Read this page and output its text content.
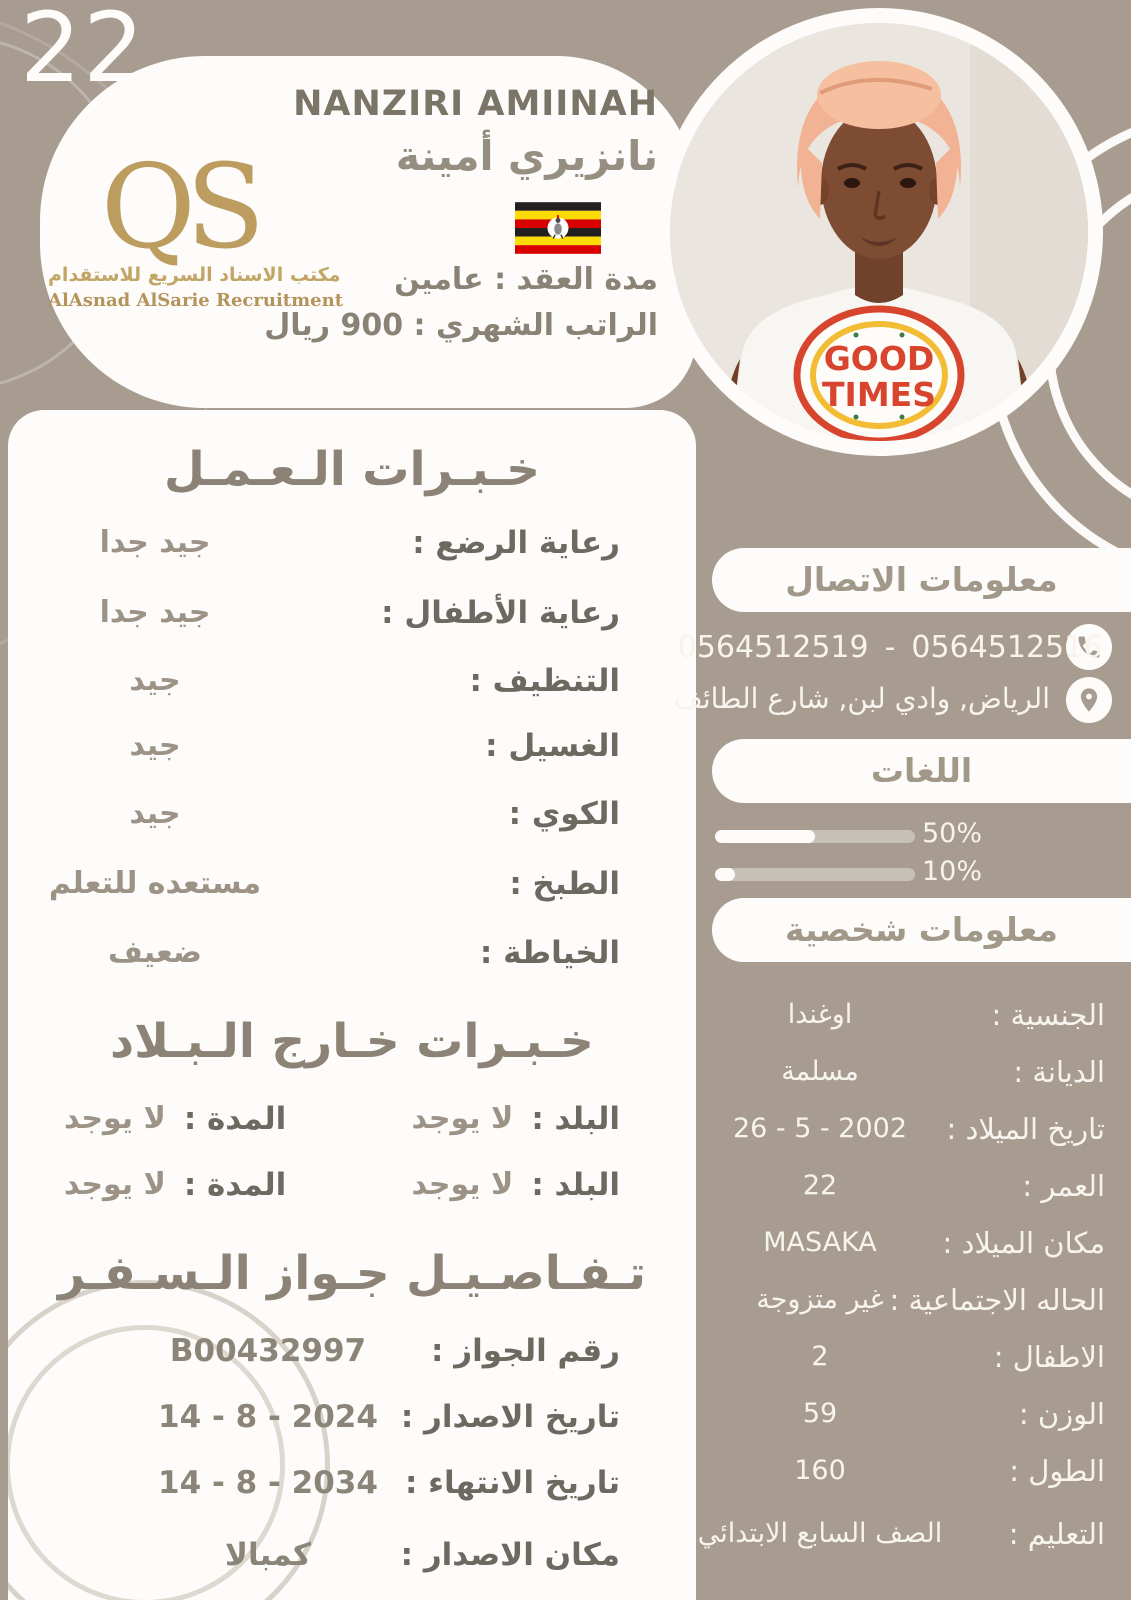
22
QS
مكتب الاسناد السريع للاستقدام
AlAsnad AlSarie Recruitment
NANZIRI AMIINAH
نانزيري أمينة
مدة العقد : عامين
الراتب الشهري : 900 ريال
GOOD
TIMES
خـبـرات الـعـمـل
رعاية الرضع :
جيد جدا
رعاية الأطفال :
جيد جدا
التنظيف :
جيد
الغسيل :
جيد
الكوي :
جيد
الطبخ :
مستعده للتعلم
الخياطة :
ضعيف
خـبـرات خـارج الـبـلاد
البلد :
لا يوجد
المدة :
لا يوجد
البلد :
لا يوجد
المدة :
لا يوجد
تـفـاصـيـل جـواز الـسـفـر
رقم الجواز :
B00432997
تاريخ الاصدار :
14 - 8 - 2024
تاريخ الانتهاء :
14 - 8 - 2034
مكان الاصدار :
كمبالا
معلومات الاتصال
0564512519 - 0564512516
الرياض, وادي لبن, شارع الطائف
اللغات
50%
10%
معلومات شخصية
الجنسية :
اوغندا
الديانة :
مسلمة
تاريخ الميلاد :
26 - 5 - 2002
العمر :
22
مكان الميلاد :
MASAKA
الحاله الاجتماعية :
غير متزوجة
الاطفال :
2
الوزن :
59
الطول :
160
التعليم :
الصف السابع الابتدائي
